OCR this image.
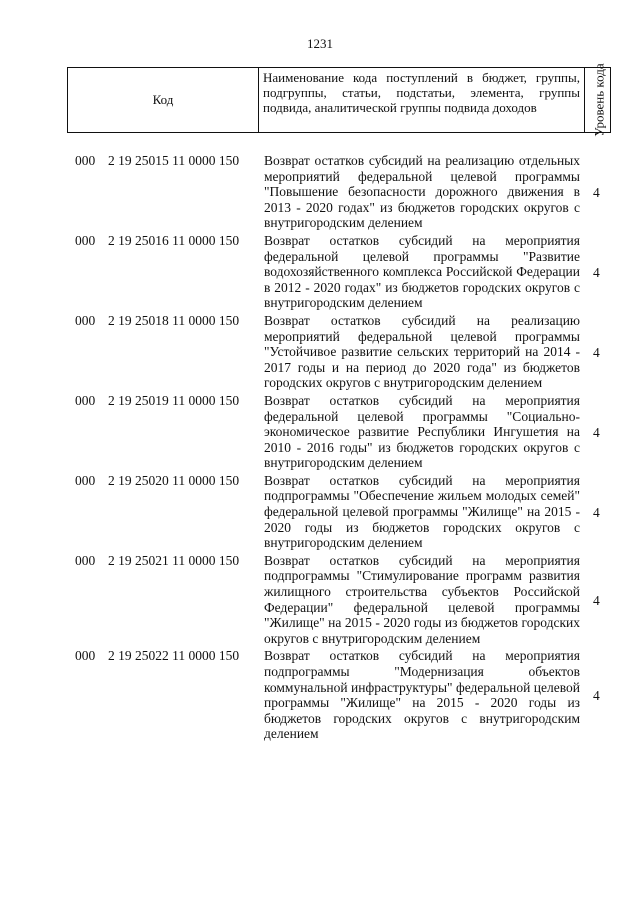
1231
Код
Наименование кода поступлений в бюджет, группы, подгруппы, статьи, подстатьи, элемента, группы подвида, аналитической группы подвида доходов	Уровень кода
000 2 19 25015 11 0000 150 Возврат остатков субсидий на реализацию отдельных мероприятий федеральной целевой программы "Повышение безопасности дорожного движения в 2013 - 2020 годах" из бюджетов городских округов с внутригородским делением
4
000 2 19 25016 11 0000 150 Возврат остатков субсидий на мероприятия федеральной целевой программы "Развитие водохозяйственного комплекса Российской Федерации в 2012 - 2020 годах" из бюджетов городских округов с внутригородским делением
4
000 2 19 25018 11 0000 150 Возврат остатков субсидий на реализацию мероприятий федеральной целевой программы "Устойчивое развитие сельских территорий на 2014 - 2017 годы и на период до 2020 года" из бюджетов городских округов с внутригородским делением
4
000 2 19 25019 11 0000 150 Возврат остатков субсидий на мероприятия федеральной целевой программы "Социально-экономическое развитие Республики Ингушетия на 2010 - 2016 годы" из бюджетов городских округов с внутригородским делением
4
000 2 19 25020 11 0000 150 Возврат остатков субсидий на мероприятия подпрограммы "Обеспечение жильем молодых семей" федеральной целевой программы "Жилище" на 2015 - 2020 годы из бюджетов городских округов с внутригородским делением
4
000 2 19 25021 11 0000 150 Возврат остатков субсидий на мероприятия подпрограммы "Стимулирование программ развития жилищного строительства субъектов Российской Федерации" федеральной целевой программы "Жилище" на 2015 - 2020 годы из бюджетов городских округов с внутригородским делением
4
000 2 19 25022 11 0000 150 Возврат остатков субсидий на мероприятия подпрограммы "Модернизация объектов коммунальной инфраструктуры" федеральной целевой программы "Жилище" на 2015 - 2020 годы из бюджетов городских округов с внутригородским делением
4
